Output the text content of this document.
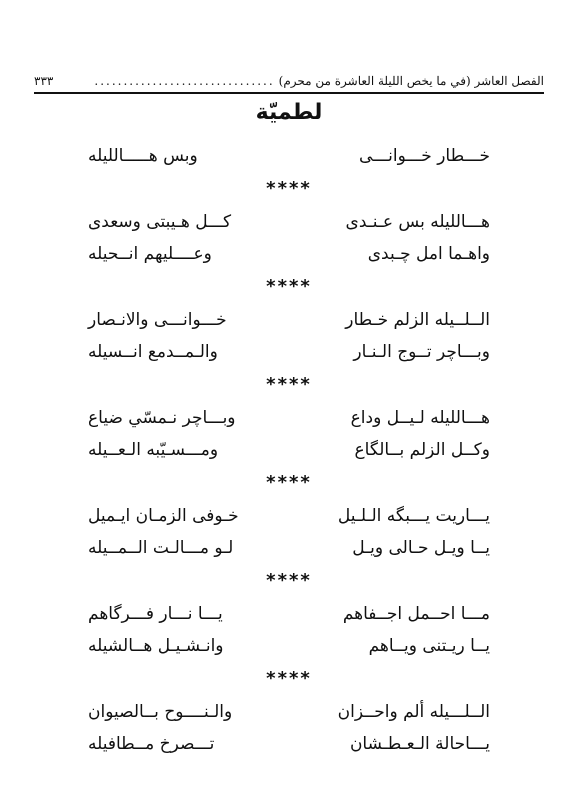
الفصل العاشر (في ما يخص الليلة العاشرة من محرم)
...............................
٣٣٣
لطميّة
خـــطار خـــوانـــى
وبس هـــــالليله
****
هـــالليله بس عـنـدى
كـــل هـيبتى وسعدى
واهـما امل چـبدى
وعــــليهم انــحيله
****
الــلــيله الزلم خـطار
خـــوانـــى والانـصار
وبـــاچر تــوج الـنـار
والـمــدمع انــسيله
****
هـــالليله لـيــل وداع
وبـــاچر نـمسّي ضياع
وكــل الزلم بــالگاع
ومـــسـيّبه الـعــيله
****
يـــاريت يـــبگه الـلـيل
خـوفى الزمـان ايـميل
يــا ويـل حـالى ويـل
لـو مـــالـت الــمــيله
****
مـــا احــمل اجــفاهم
يـــا نـــار فـــرگاهم
يــا ريـتنى ويــاهم
وانـشـيـل هــالشيله
****
الــلـــيله ألم واحــزان
والـنــــوح بــالصيوان
يـــاحالة الـعـطـشان
تـــصرخ مــطافيله
